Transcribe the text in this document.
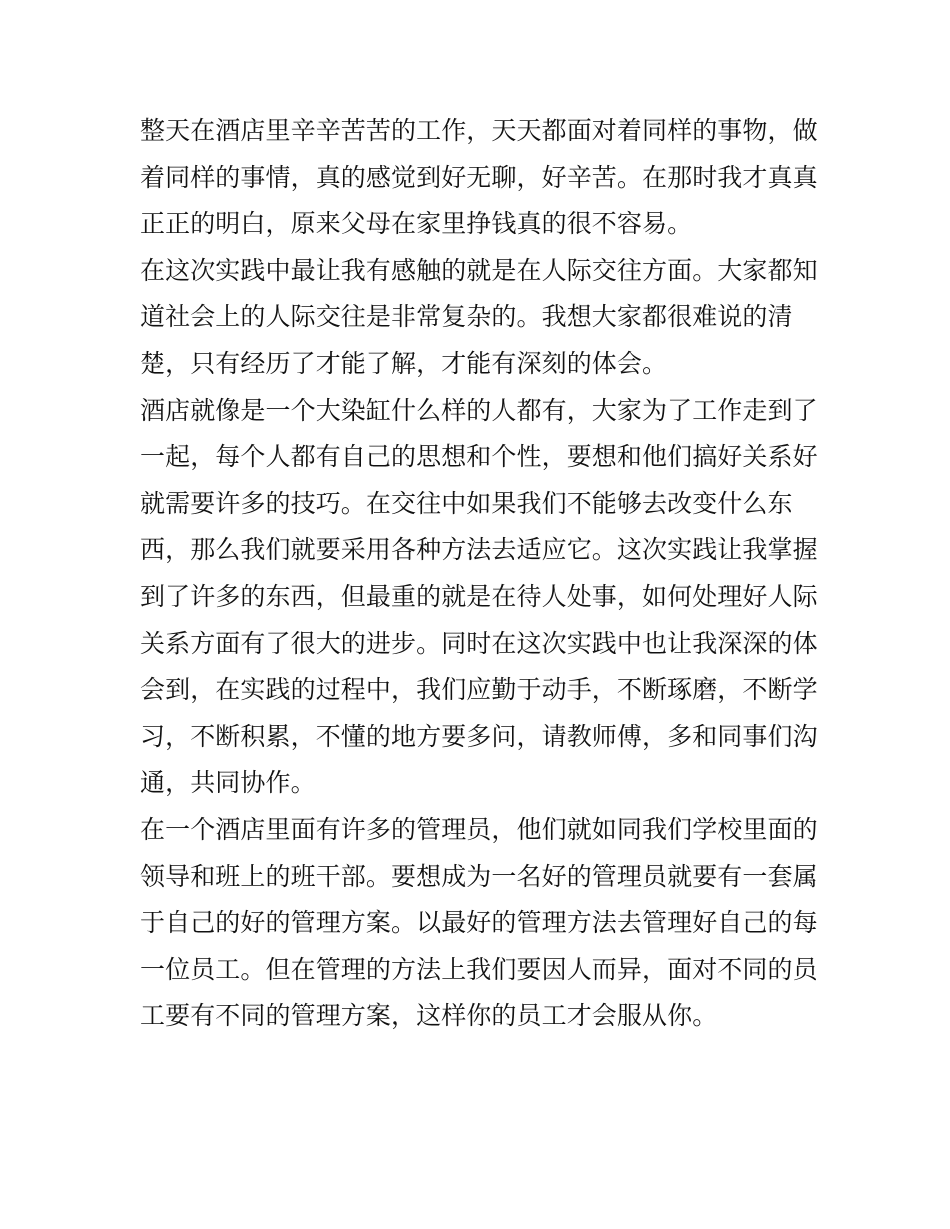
整天在酒店里辛辛苦苦的工作，天天都面对着同样的事物，做
着同样的事情，真的感觉到好无聊，好辛苦。在那时我才真真
正正的明白，原来父母在家里挣钱真的很不容易。
在这次实践中最让我有感触的就是在人际交往方面。大家都知
道社会上的人际交往是非常复杂的。我想大家都很难说的清
楚，只有经历了才能了解，才能有深刻的体会。
酒店就像是一个大染缸什么样的人都有，大家为了工作走到了
一起，每个人都有自己的思想和个性，要想和他们搞好关系好
就需要许多的技巧。在交往中如果我们不能够去改变什么东
西，那么我们就要采用各种方法去适应它。这次实践让我掌握
到了许多的东西，但最重的就是在待人处事，如何处理好人际
关系方面有了很大的进步。同时在这次实践中也让我深深的体
会到，在实践的过程中，我们应勤于动手，不断琢磨，不断学
习，不断积累，不懂的地方要多问，请教师傅，多和同事们沟
通，共同协作。
在一个酒店里面有许多的管理员，他们就如同我们学校里面的
领导和班上的班干部。要想成为一名好的管理员就要有一套属
于自己的好的管理方案。以最好的管理方法去管理好自己的每
一位员工。但在管理的方法上我们要因人而异，面对不同的员
工要有不同的管理方案，这样你的员工才会服从你。
